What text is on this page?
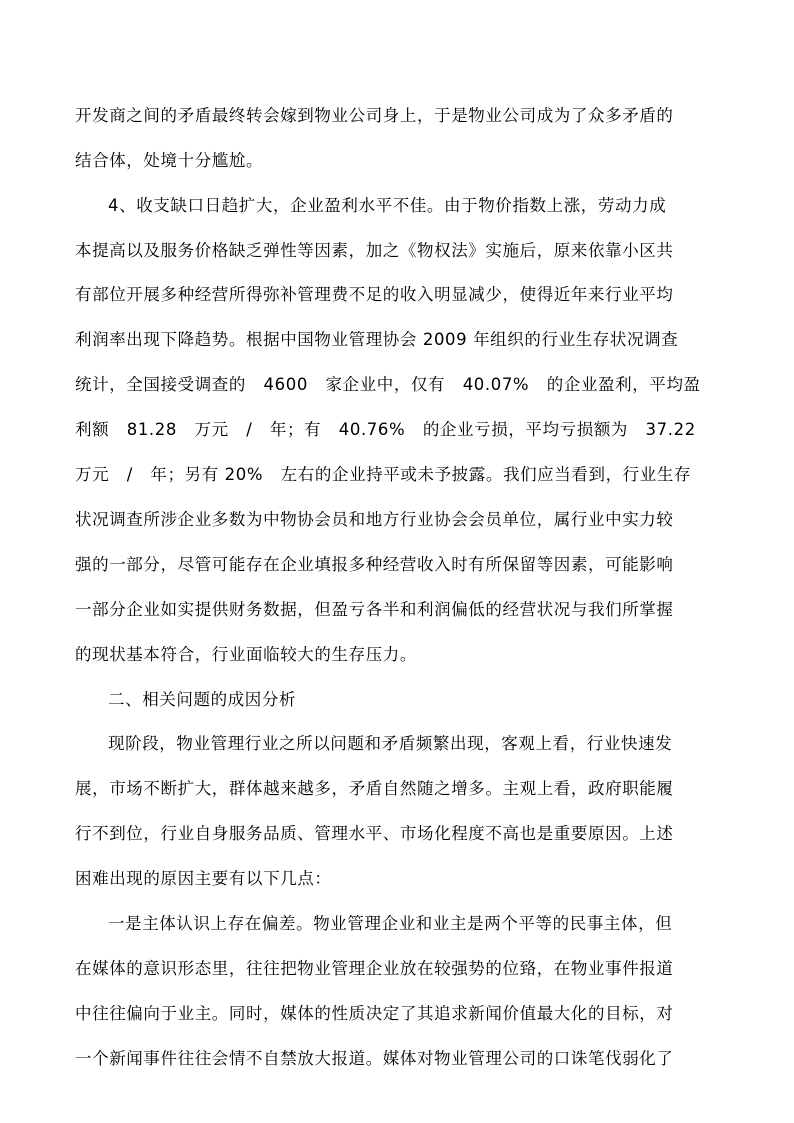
开发商之间的矛盾最终转会嫁到物业公司身上，于是物业公司成为了众多矛盾的

结合体，处境十分尴尬。

4、收支缺口日趋扩大，企业盈利水平不佳。由于物价指数上涨，劳动力成

本提高以及服务价格缺乏弹性等因素，加之《物权法》实施后，原来依靠小区共

有部位开展多种经营所得弥补管理费不足的收入明显减少，使得近年来行业平均

利润率出现下降趋势。根据中国物业管理协会 2009 年组织的行业生存状况调查

统计，全国接受调查的   4600   家企业中，仅有   40.07%   的企业盈利，平均盈

利额   81.28   万元   /   年；有   40.76%   的企业亏损，平均亏损额为   37.22

万元   /   年；另有 20%   左右的企业持平或未予披露。我们应当看到，行业生存

状况调查所涉企业多数为中物协会员和地方行业协会会员单位，属行业中实力较

强的一部分，尽管可能存在企业填报多种经营收入时有所保留等因素，可能影响

一部分企业如实提供财务数据，但盈亏各半和利润偏低的经营状况与我们所掌握

的现状基本符合，行业面临较大的生存压力。

二、相关问题的成因分析

现阶段，物业管理行业之所以问题和矛盾频繁出现，客观上看，行业快速发

展，市场不断扩大，群体越来越多，矛盾自然随之增多。主观上看，政府职能履

行不到位，行业自身服务品质、管理水平、市场化程度不高也是重要原因。上述

困难出现的原因主要有以下几点：

一是主体认识上存在偏差。物业管理企业和业主是两个平等的民事主体，但

在媒体的意识形态里，往往把物业管理企业放在较强势的位臵，在物业事件报道

中往往偏向于业主。同时，媒体的性质决定了其追求新闻价值最大化的目标，对

一个新闻事件往往会情不自禁放大报道。媒体对物业管理公司的口诛笔伐弱化了
